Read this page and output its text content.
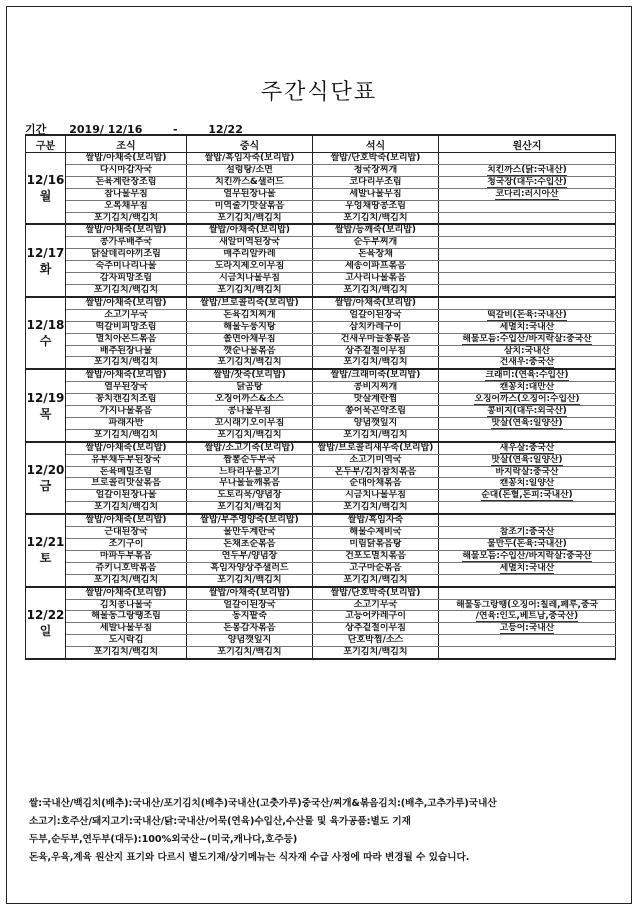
주간식단표
기간 2019/ 12/16	-	12/22
구분	조식	중식	석식	원산지

12/16
월	쌀밥/아채죽(보리밥)	쌀밥/흑임자죽(보리밥)	쌀밥/단호박죽(보리밥)	
	다시마감자국	설렁탕/소면	청국장찌개	치킨까스(닭:국내산)
	돈육계란장조림	치킨까스&샐러드	코다리무조림	청국장(대두:수입산)
	참나물무침	열무된장나물	세발나물무침	코다리:러시아산
	오복채무침	미역줄기맛살볶음	우엉채땅콩조림	
	포기김치/백김치	포기김치/백김치	포기김치/백김치	

12/17
화	쌀밥/아채죽(보리밥)	쌀밥/아채죽(보리밥)	쌀밥/등깨죽(보리밥)	
	콩가루배추국	새알미역된장국	순두부찌개	
	닭살데리야끼조림	매추리알카레	돈육장채	
	숙주미나리나물	도라지제오이무침	세송이파프볶음	
	감자피망조림	시금치나물무침	고사리나물볶음	
	포기김치/백김치	포기김치/백김치	포기김치/백김치	

12/18
수	쌀밥/아채죽(보리밥)	쌀밥/브로콜리죽(보리밥)	쌀밥/아채죽(보리밥)	
	소고기무국	돈육김치찌개	얼갈이된장국	떡갈비(돈육:국내산)
	떡갈비피망조림	해물누룽지탕	삼치카레구이	세멸치:국내산
	멸치아몬드볶음	쫄면아채무침	건새우마늘쫑볶음	해물모듬:수입산/바지락살:중국산
	배추된장나물	깻순나물볶음	상추겉절이무침	삼치:국내산
	포기김치/백김치	포기김치/백김치	포기김치/백김치	건새우:중국산

12/19
목	쌀밥/아채죽(보리밥)	쌀밥/잣죽(보리밥)	쌀밥/크래미죽(보리밥)	크래미:(연육:수입산)
	열무된장국	닭곰탕	콩비지찌개	캔꽁치:대만산
	꽁치캔김치조림	오징어까스&소스	맛살계란찜	오징어까스(오징어:수입산)
	가지나물볶음	콩나물무침	쫑어묵곤약조림	콩비지(대두:외국산)
	파래자반	꼬시래기오이무침	양념깻잎지	맛살(연육:일양산)
	포기김치/백김치	포기김치/백김치	포기김치/백김치	

12/20
금	쌀밥/아채죽(보리밥)	쌀밥/소고기죽(보리밥)	쌀밥/브로콜리새우죽(보리밥)	새우살:중국산
	유부채두부된장국	짬뽕순두부국	소고기미역국	맛살(연육:일양산)
	돈육메밀조림	느타리우불고기	온두부/김치참치볶음	바지락살:중국산
	브로콜리맛살볶음	무나물들깨볶음	순대아채볶음	캔꽁치:일양산
	얼갈이된장나물	도토리묵/양념장	시금치나물무침	순대(돈혈,돈피:국내산)
	포기김치/백김치	포기김치/백김치	포기김치/백김치	

12/21
토	쌀밥/아채죽(보리밥)	쌀밥/부추영양죽(보리밥)	쌀밥/흑임자죽	
	근대된장국	물만두계란국	해물수제비국	참조기:중국산
	조기구이	돈채초순볶음	미림닭볶음탕	물만두(돈육:국내산)
	마파두부볶음	연두부/양념장	건포도멸치볶음	해물모듬:수입산/바지락살:중국산
	쥬키니호박볶음	흑임자양상추샐러드	고구마순볶음	세멸치:국내산
	포기김치/백김치	포기김치/백김치	포기김치/백김치	

12/22
일	쌀밥/아채죽(보리밥)	쌀밥/아채죽(보리밥)	쌀밥/단호박죽(보리밥)	
	김치콩나물국	얼갈이된장국	소고기무국	해물동그랑땡(오징어:칠레,페루,중국
	해물동그랑땡조림	동지팥죽	고등어카레구이	/연육:인도,베트남,중국산)
	세발나물무침	돈봉감자볶음	상추겉절이무침	고등어:국내산
	도시락김	양념깻잎지	단호박찜/소스	
	포기김치/백김치	포기김치/백김치	포기김치/백김치	
쌀:국내산/백김치(배추):국내산/포기김치(배추)국내산(고춧가루)중국산/찌개&볶음김치:(배추,고추가루)국내산
소고기:호주산/돼지고기:국내산/닭:국내산/어묵(연육)수입산,수산물 및 육가공품:별도 기재
두부,순두부,연두부(대두):100%외국산~(미국,캐나다,호주등)
돈육,우육,계육 원산지 표기와 다르시 별도기재/상기메뉴는 식자재 수급 사정에 따라 변경될 수 있습니다.
